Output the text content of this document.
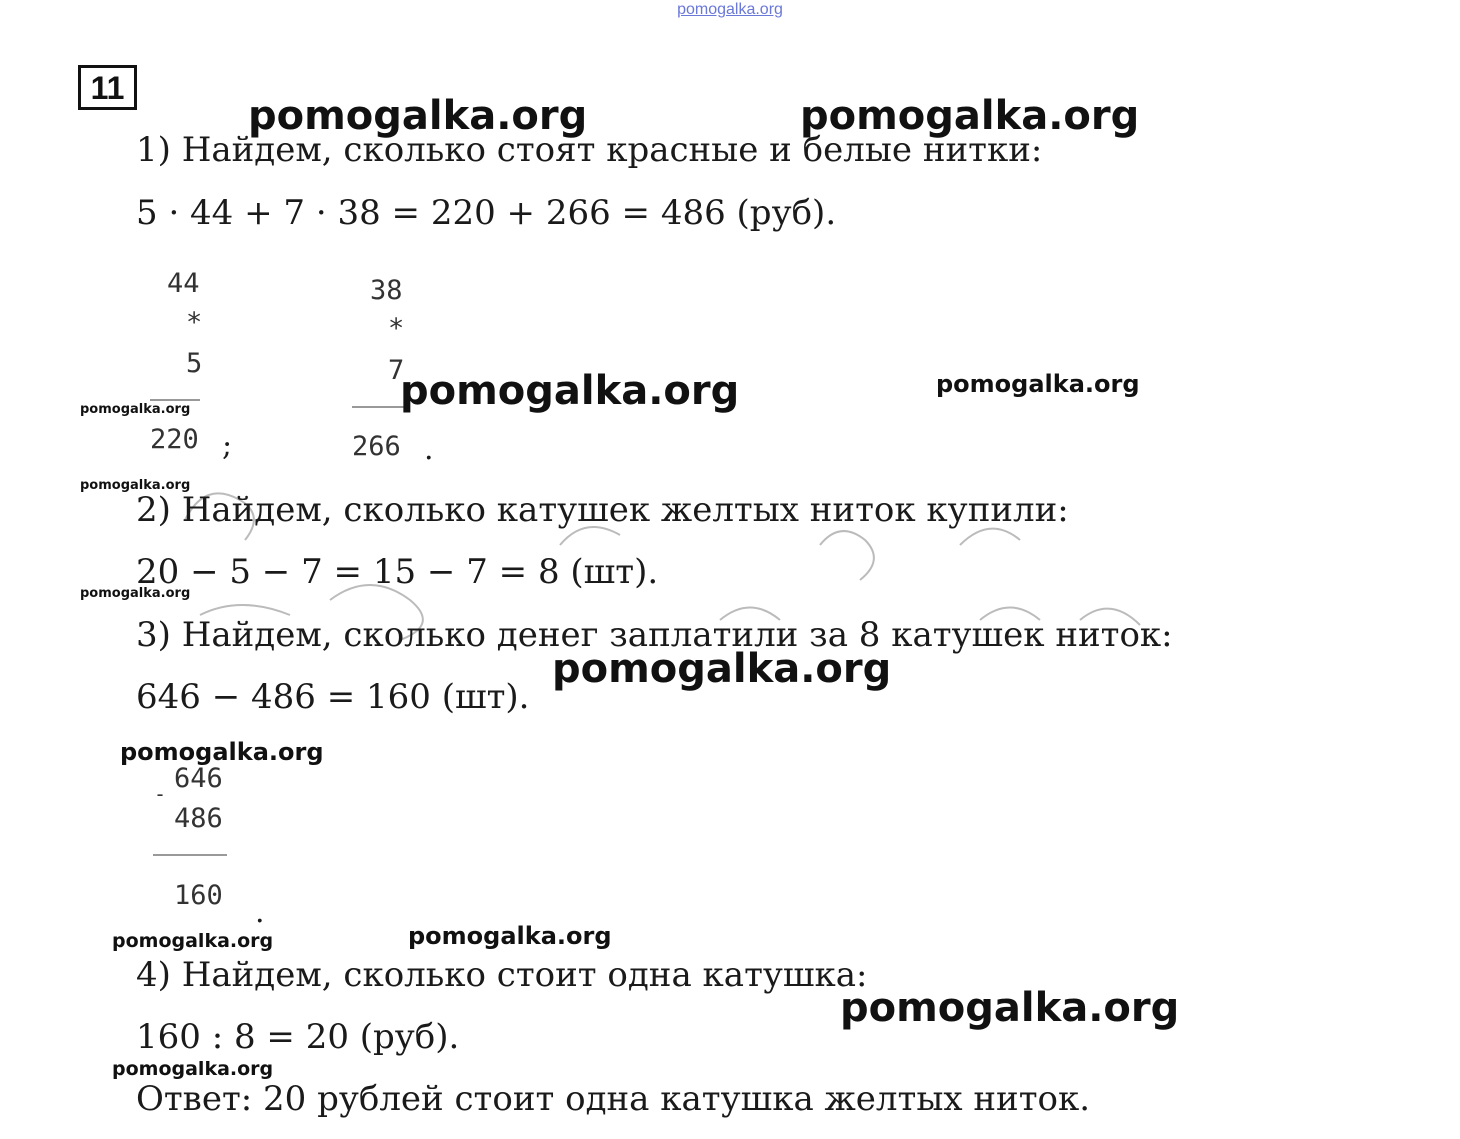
pomogalka.org
11
1) Найдем, сколько стоят красные и белые нитки:
5 · 44 + 7 · 38 = 220 + 266 = 486 (руб).
44
*
5
220 ;
38
*
7
266 .
2) Найдем, сколько катушек желтых ниток купили:
20 − 5 − 7 = 15 − 7 = 8 (шт).
3) Найдем, сколько денег заплатили за 8 катушек ниток:
646 − 486 = 160 (шт).
- 646
486
160 .
4) Найдем, сколько стоит одна катушка:
160 : 8 = 20 (руб).
Ответ: 20 рублей стоит одна катушка желтых ниток.
pomogalka.org	pomogalka.org
pomogalka.org	pomogalka.org
pomogalka.org
pomogalka.org
pomogalka.org
pomogalka.org
pomogalka.org
pomogalka.org
pomogalka.org
pomogalka.org
pomogalka.org
